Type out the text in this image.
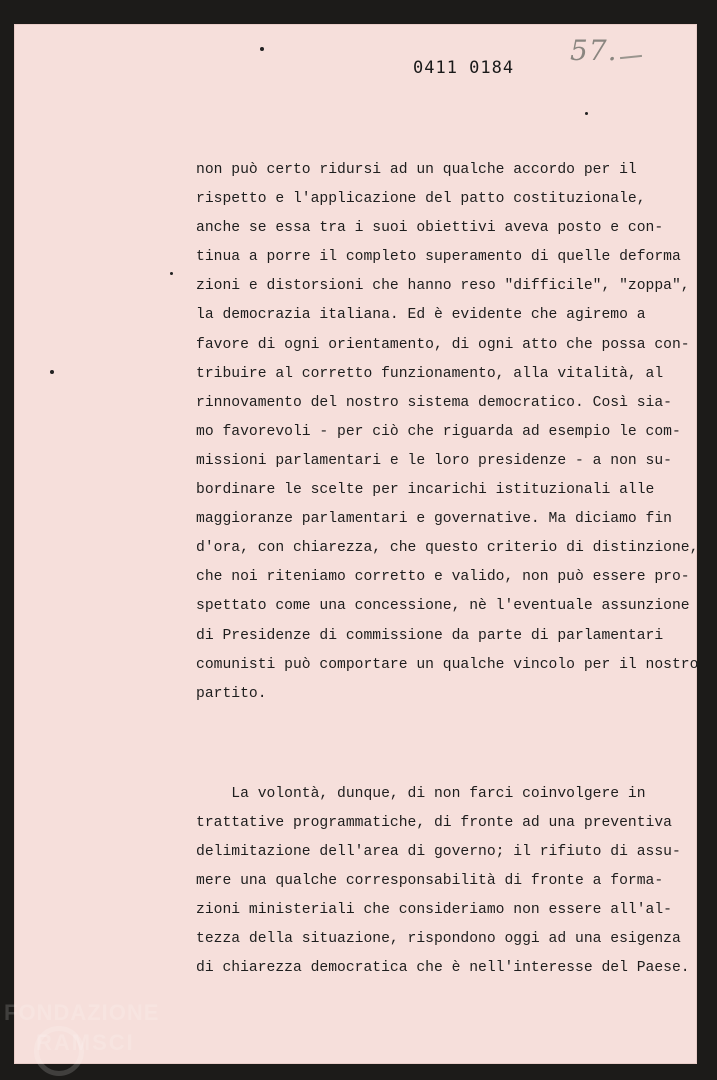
0411 0184
57.

non può certo ridursi ad un qualche accordo per il
rispetto e l'applicazione del patto costituzionale,
anche se essa tra i suoi obiettivi aveva posto e con-
tinua a porre il completo superamento di quelle deforma
zioni e distorsioni che hanno reso "difficile", "zoppa",
la democrazia italiana. Ed è evidente che agiremo a
favore di ogni orientamento, di ogni atto che possa con-
tribuire al corretto funzionamento, alla vitalità, al
rinnovamento del nostro sistema democratico. Così sia-
mo favorevoli - per ciò che riguarda ad esempio le com-
missioni parlamentari e le loro presidenze - a non su-
bordinare le scelte per incarichi istituzionali alle
maggioranze parlamentari e governative. Ma diciamo fin
d'ora, con chiarezza, che questo criterio di distinzione,
che noi riteniamo corretto e valido, non può essere pro-
spettato come una concessione, nè l'eventuale assunzione
di Presidenze di commissione da parte di parlamentari
comunisti può comportare un qualche vincolo per il nostro
partito.

La volontà, dunque, di non farci coinvolgere in
trattative programmatiche, di fronte ad una preventiva
delimitazione dell'area di governo; il rifiuto di assu-
mere una qualche corresponsabilità di fronte a forma-
zioni ministeriali che consideriamo non essere all'al-
tezza della situazione, rispondono oggi ad una esigenza
di chiarezza democratica che è nell'interesse del Paese.

FONDAZIONE
RAMSCI
